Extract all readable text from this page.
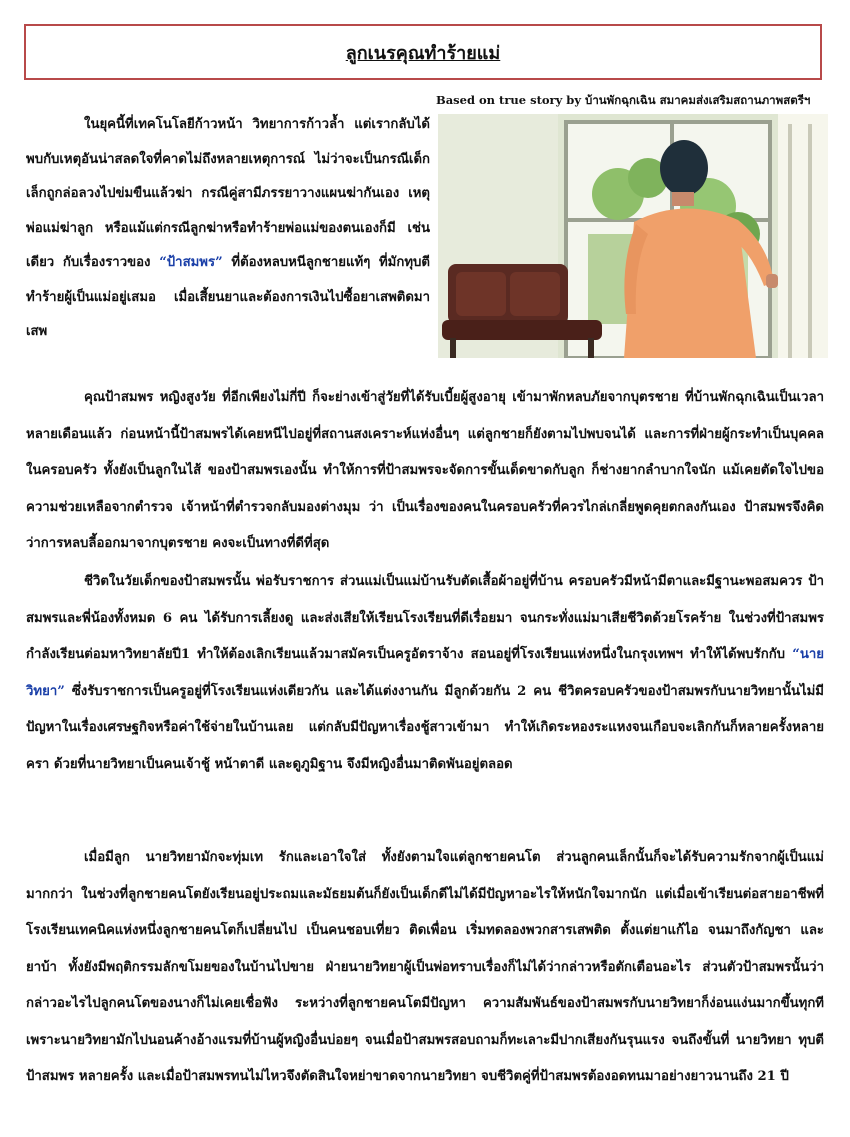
ลูกเนรคุณทำร้ายแม่
Based on true story by บ้านพักฉุกเฉิน สมาคมส่งเสริมสถานภาพสตรีฯ

ในยุคนี้ที่เทคโนโลยีก้าวหน้า วิทยาการก้าวล้ำ แต่เรากลับได้พบกับเหตุอันน่าสลดใจที่คาดไม่ถึงหลายเหตุการณ์ ไม่ว่าจะเป็นกรณีเด็กเล็กถูกล่อลวงไปข่มขืนแล้วฆ่า กรณีคู่สามีภรรยาวางแผนฆ่ากันเอง เหตุพ่อแม่ฆ่าลูก หรือแม้แต่กรณีลูกฆ่าหรือทำร้ายพ่อแม่ของตนเองก็มี เช่นเดียว กับเรื่องราวของ “ป้าสมพร” ที่ต้องหลบหนีลูกชายแท้ๆ ที่มักทุบตีทำร้ายผู้เป็นแม่อยู่เสมอ เมื่อเสี้ยนยาและต้องการเงินไปซื้อยาเสพติดมาเสพ

คุณป้าสมพร หญิงสูงวัย ที่อีกเพียงไม่กี่ปี ก็จะย่างเข้าสู่วัยที่ได้รับเบี้ยผู้สูงอายุ เข้ามาพักหลบภัยจากบุตรชาย ที่บ้านพักฉุกเฉินเป็นเวลาหลายเดือนแล้ว ก่อนหน้านี้ป้าสมพรได้เคยหนีไปอยู่ที่สถานสงเคราะห์แห่งอื่นๆ แต่ลูกชายก็ยังตามไปพบจนได้ และการที่ฝ่ายผู้กระทำเป็นบุคคลในครอบครัว ทั้งยังเป็นลูกในไส้ ของป้าสมพรเองนั้น ทำให้การที่ป้าสมพรจะจัดการขั้นเด็ดขาดกับลูก ก็ช่างยากลำบากใจนัก แม้เคยตัดใจไปขอความช่วยเหลือจากตำรวจ เจ้าหน้าที่ตำรวจกลับมองต่างมุม ว่า เป็นเรื่องของคนในครอบครัวที่ควรไกล่เกลี่ยพูดคุยตกลงกันเอง ป้าสมพรจึงคิดว่าการหลบลี้ออกมาจากบุตรชาย คงจะเป็นทางที่ดีที่สุด

ชีวิตในวัยเด็กของป้าสมพรนั้น พ่อรับราชการ ส่วนแม่เป็นแม่บ้านรับตัดเสื้อผ้าอยู่ที่บ้าน ครอบครัวมีหน้ามีตาและมีฐานะพอสมควร ป้าสมพรและพี่น้องทั้งหมด 6 คน ได้รับการเลี้ยงดู และส่งเสียให้เรียนโรงเรียนที่ดีเรื่อยมา จนกระทั่งแม่มาเสียชีวิตด้วยโรคร้าย ในช่วงที่ป้าสมพรกำลังเรียนต่อมหาวิทยาลัยปี1 ทำให้ต้องเลิกเรียนแล้วมาสมัครเป็นครูอัตราจ้าง สอนอยู่ที่โรงเรียนแห่งหนึ่งในกรุงเทพฯ ทำให้ได้พบรักกับ “นายวิทยา” ซึ่งรับราชการเป็นครูอยู่ที่โรงเรียนแห่งเดียวกัน และได้แต่งงานกัน มีลูกด้วยกัน 2 คน ชีวิตครอบครัวของป้าสมพรกับนายวิทยานั้นไม่มีปัญหาในเรื่องเศรษฐกิจหรือค่าใช้จ่ายในบ้านเลย แต่กลับมีปัญหาเรื่องชู้สาวเข้ามา ทำให้เกิดระหองระแหงจนเกือบจะเลิกกันก็หลายครั้งหลายครา ด้วยที่นายวิทยาเป็นคนเจ้าชู้ หน้าตาดี และดูภูมิฐาน จึงมีหญิงอื่นมาติดพันอยู่ตลอด

เมื่อมีลูก นายวิทยามักจะทุ่มเท รักและเอาใจใส่ ทั้งยังตามใจแต่ลูกชายคนโต ส่วนลูกคนเล็กนั้นก็จะได้รับความรักจากผู้เป็นแม่มากกว่า ในช่วงที่ลูกชายคนโตยังเรียนอยู่ประถมและมัธยมต้นก็ยังเป็นเด็กดีไม่ได้มีปัญหาอะไรให้หนักใจมากนัก แต่เมื่อเข้าเรียนต่อสายอาชีพที่โรงเรียนเทคนิคแห่งหนึ่งลูกชายคนโตก็เปลี่ยนไป เป็นคนชอบเที่ยว ติดเพื่อน เริ่มทดลองพวกสารเสพติด ตั้งแต่ยาแก้ไอ จนมาถึงกัญชา และยาบ้า ทั้งยังมีพฤติกรรมลักขโมยของในบ้านไปขาย ฝ่ายนายวิทยาผู้เป็นพ่อทราบเรื่องก็ไม่ได้ว่ากล่าวหรือตักเตือนอะไร ส่วนตัวป้าสมพรนั้นว่ากล่าวอะไรไปลูกคนโตของนางก็ไม่เคยเชื่อฟัง ระหว่างที่ลูกชายคนโตมีปัญหา ความสัมพันธ์ของป้าสมพรกับนายวิทยาก็ง่อนแง่นมากขึ้นทุกที เพราะนายวิทยามักไปนอนค้างอ้างแรมที่บ้านผู้หญิงอื่นบ่อยๆ จนเมื่อป้าสมพรสอบถามก็ทะเลาะมีปากเสียงกันรุนแรง จนถึงขั้นที่ นายวิทยา ทุบตีป้าสมพร หลายครั้ง และเมื่อป้าสมพรทนไม่ไหวจึงตัดสินใจหย่าขาดจากนายวิทยา จบชีวิตคู่ที่ป้าสมพรต้องอดทนมาอย่างยาวนานถึง 21 ปี
